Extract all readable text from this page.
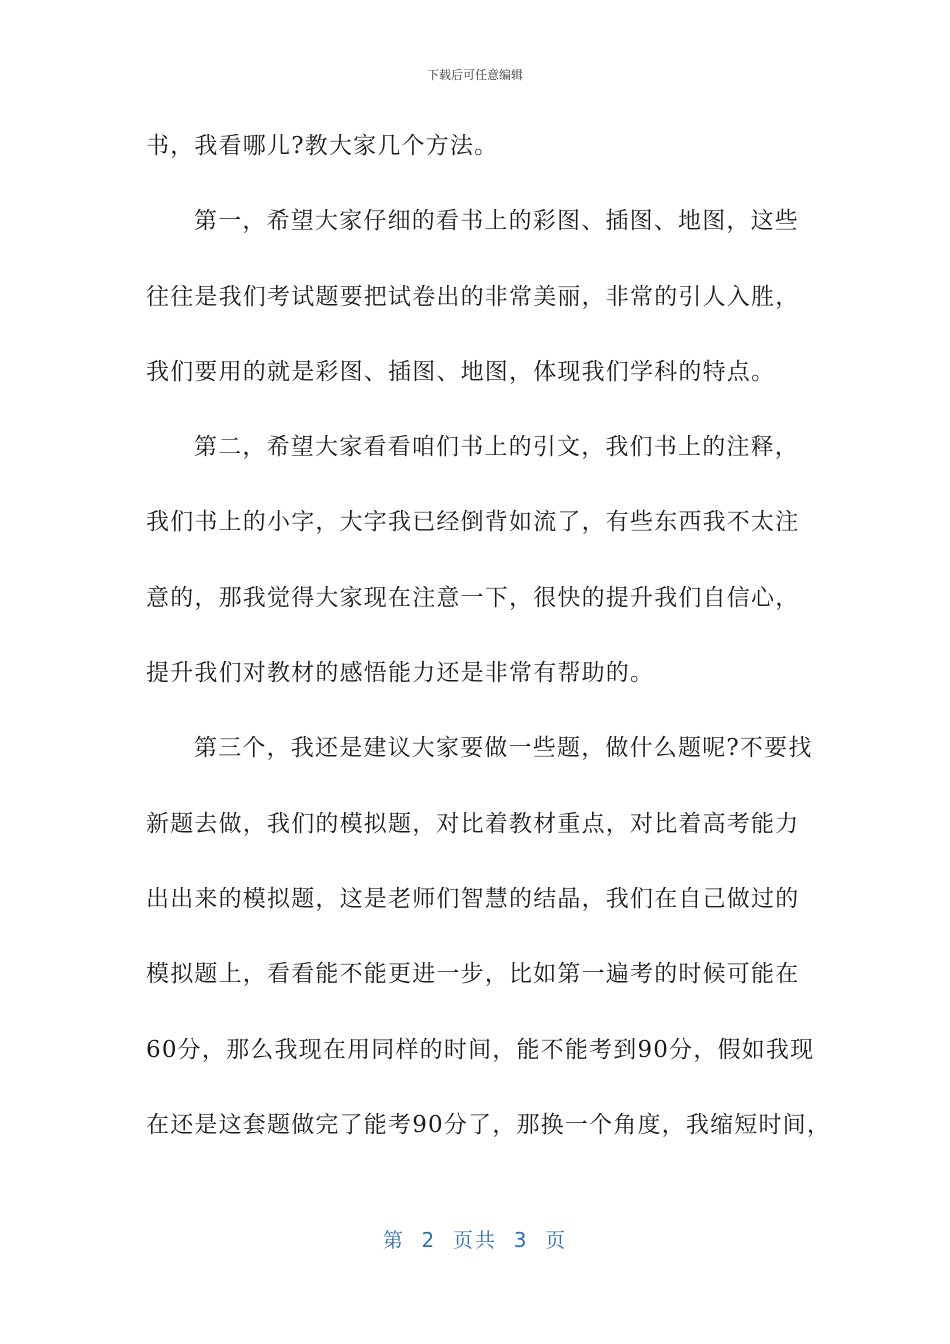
下载后可任意编辑
书，我看哪儿?教大家几个方法。
第一，希望大家仔细的看书上的彩图、插图、地图，这些
往往是我们考试题要把试卷出的非常美丽，非常的引人入胜，
我们要用的就是彩图、插图、地图，体现我们学科的特点。
第二，希望大家看看咱们书上的引文，我们书上的注释，
我们书上的小字，大字我已经倒背如流了，有些东西我不太注
意的，那我觉得大家现在注意一下，很快的提升我们自信心，
提升我们对教材的感悟能力还是非常有帮助的。
第三个，我还是建议大家要做一些题，做什么题呢?不要找
新题去做，我们的模拟题，对比着教材重点，对比着高考能力
出出来的模拟题，这是老师们智慧的结晶，我们在自己做过的
模拟题上，看看能不能更进一步，比如第一遍考的时候可能在
60分，那么我现在用同样的时间，能不能考到90分，假如我现
在还是这套题做完了能考90分了，那换一个角度，我缩短时间，
第  2  页共  3  页
